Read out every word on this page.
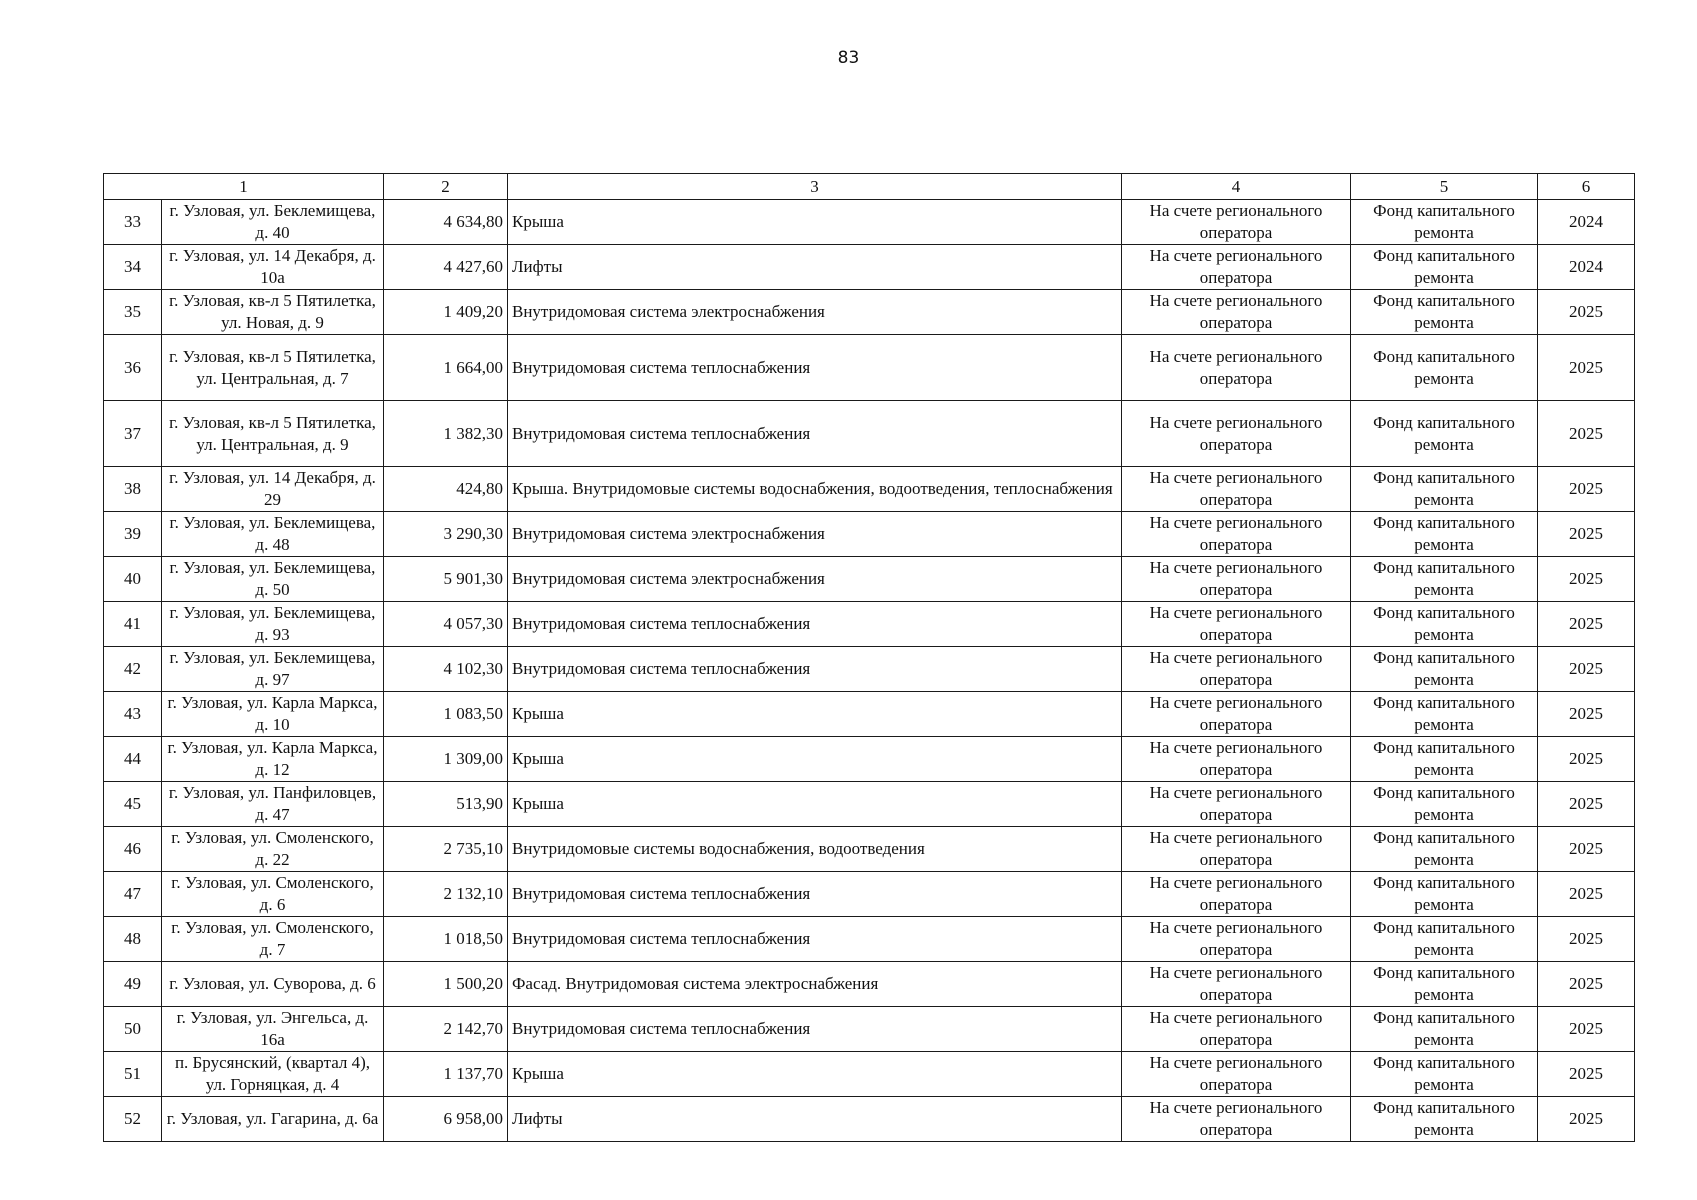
83
1		2	3	4	5	6
33	г. Узловая, ул. Беклемищева, д. 40	4 634,80	Крыша	На счете регионального оператора	Фонд капитального ремонта	2024
34	г. Узловая, ул. 14 Декабря, д. 10а	4 427,60	Лифты	На счете регионального оператора	Фонд капитального ремонта	2024
35	г. Узловая, кв-л 5 Пятилетка, ул. Новая, д. 9	1 409,20	Внутридомовая система электроснабжения	На счете регионального оператора	Фонд капитального ремонта	2025
36	г. Узловая, кв-л 5 Пятилетка, ул. Центральная, д. 7	1 664,00	Внутридомовая система теплоснабжения	На счете регионального оператора	Фонд капитального ремонта	2025
37	г. Узловая, кв-л 5 Пятилетка, ул. Центральная, д. 9	1 382,30	Внутридомовая система теплоснабжения	На счете регионального оператора	Фонд капитального ремонта	2025
38	г. Узловая, ул. 14 Декабря, д. 29	424,80	Крыша. Внутридомовые системы водоснабжения, водоотведения, теплоснабжения	На счете регионального оператора	Фонд капитального ремонта	2025
39	г. Узловая, ул. Беклемищева, д. 48	3 290,30	Внутридомовая система электроснабжения	На счете регионального оператора	Фонд капитального ремонта	2025
40	г. Узловая, ул. Беклемищева, д. 50	5 901,30	Внутридомовая система электроснабжения	На счете регионального оператора	Фонд капитального ремонта	2025
41	г. Узловая, ул. Беклемищева, д. 93	4 057,30	Внутридомовая система теплоснабжения	На счете регионального оператора	Фонд капитального ремонта	2025
42	г. Узловая, ул. Беклемищева, д. 97	4 102,30	Внутридомовая система теплоснабжения	На счете регионального оператора	Фонд капитального ремонта	2025
43	г. Узловая, ул. Карла Маркса, д. 10	1 083,50	Крыша	На счете регионального оператора	Фонд капитального ремонта	2025
44	г. Узловая, ул. Карла Маркса, д. 12	1 309,00	Крыша	На счете регионального оператора	Фонд капитального ремонта	2025
45	г. Узловая, ул. Панфиловцев, д. 47	513,90	Крыша	На счете регионального оператора	Фонд капитального ремонта	2025
46	г. Узловая, ул. Смоленского, д. 22	2 735,10	Внутридомовые системы водоснабжения, водоотведения	На счете регионального оператора	Фонд капитального ремонта	2025
47	г. Узловая, ул. Смоленского, д. 6	2 132,10	Внутридомовая система теплоснабжения	На счете регионального оператора	Фонд капитального ремонта	2025
48	г. Узловая, ул. Смоленского, д. 7	1 018,50	Внутридомовая система теплоснабжения	На счете регионального оператора	Фонд капитального ремонта	2025
49	г. Узловая, ул. Суворова, д. 6	1 500,20	Фасад. Внутридомовая система электроснабжения	На счете регионального оператора	Фонд капитального ремонта	2025
50	г. Узловая, ул. Энгельса, д. 16а	2 142,70	Внутридомовая система теплоснабжения	На счете регионального оператора	Фонд капитального ремонта	2025
51	п. Брусянский, (квартал 4), ул. Горняцкая, д. 4	1 137,70	Крыша	На счете регионального оператора	Фонд капитального ремонта	2025
52	г. Узловая, ул. Гагарина, д. 6а	6 958,00	Лифты	На счете регионального оператора	Фонд капитального ремонта	2025
